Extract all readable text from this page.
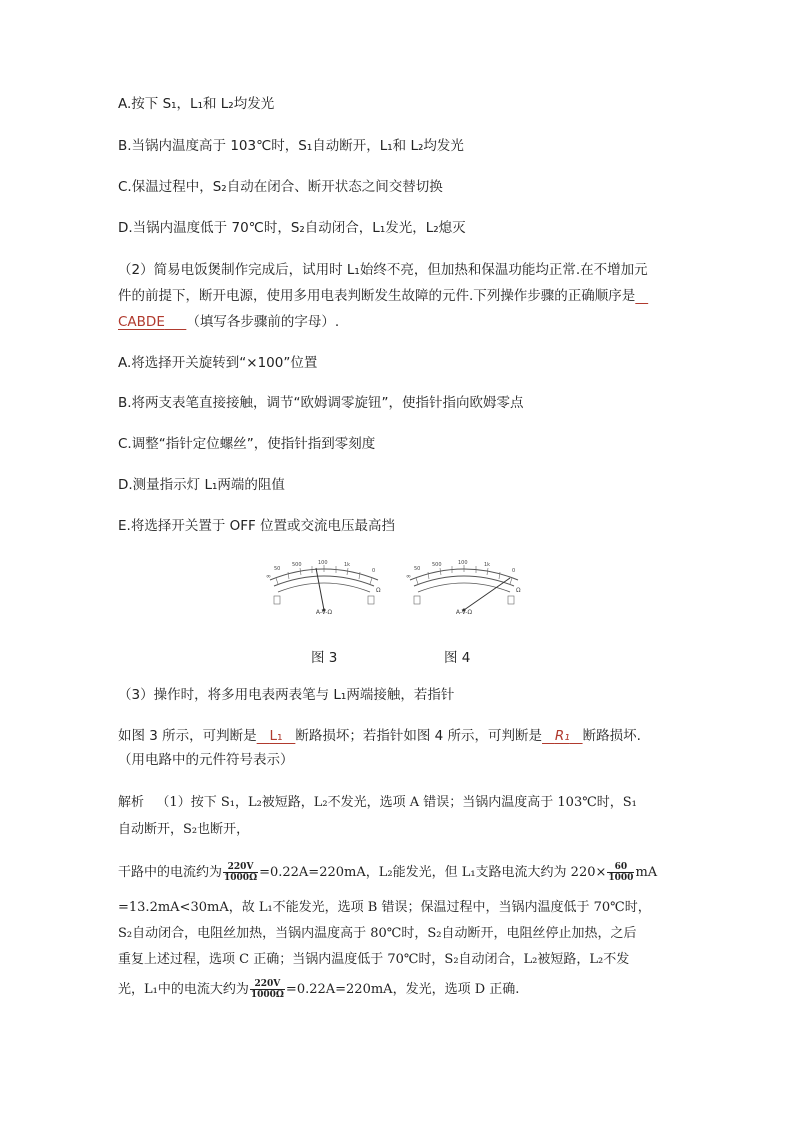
A.按下 S₁，L₁和 L₂均发光
B.当锅内温度高于 103℃时，S₁自动断开，L₁和 L₂均发光
C.保温过程中，S₂自动在闭合、断开状态之间交替切换
D.当锅内温度低于 70℃时，S₂自动闭合，L₁发光，L₂熄灭
（2）简易电饭煲制作完成后，试用时 L₁始终不亮，但加热和保温功能均正常.在不增加元
件的前提下，断开电源，使用多用电表判断发生故障的元件.下列操作步骤的正确顺序是
CABDE （填写各步骤前的字母）.
A.将选择开关旋转到“×100”位置
B.将两支表笔直接接触，调节“欧姆调零旋钮”，使指针指向欧姆零点
C.调整“指针定位螺丝”，使指针指到零刻度
D.测量指示灯 L₁两端的阻值
E.将选择开关置于 OFF 位置或交流电压最高挡
50
100
500	1k
∞
0
Ω
A-V-Ω
50
100
500	1k
∞
0
Ω
A-V-Ω
图 3	图 4
（3）操作时，将多用电表两表笔与 L₁两端接触，若指针
如图 3 所示，可判断是 L₁ 断路损坏；若指针如图 4 所示，可判断是 R₁ 断路损坏.
（用电路中的元件符号表示）
解析 （1）按下 S₁，L₂被短路，L₂不发光，选项 A 错误；当锅内温度高于 103℃时，S₁
自动断开，S₂也断开，
干路中的电流约为 $\frac{220V}{1000\Omega} =0.22A=220mA$，L₂能发光，但 L₁支路电流大约为 $220\times \frac{60}{1000}$ mA
=13.2mA<30mA，故 L₁不能发光，选项 B 错误；保温过程中，当锅内温度低于 70℃时，
S₂自动闭合，电阻丝加热，当锅内温度高于 80℃时，S₂自动断开，电阻丝停止加热，之后
重复上述过程，选项 C 正确；当锅内温度低于 70℃时，S₂自动闭合，L₂被短路，L₂不发
光，L₁中的电流大约为 $\frac{220V}{1000\Omega} =0.22A=220mA$，发光，选项 D 正确.
